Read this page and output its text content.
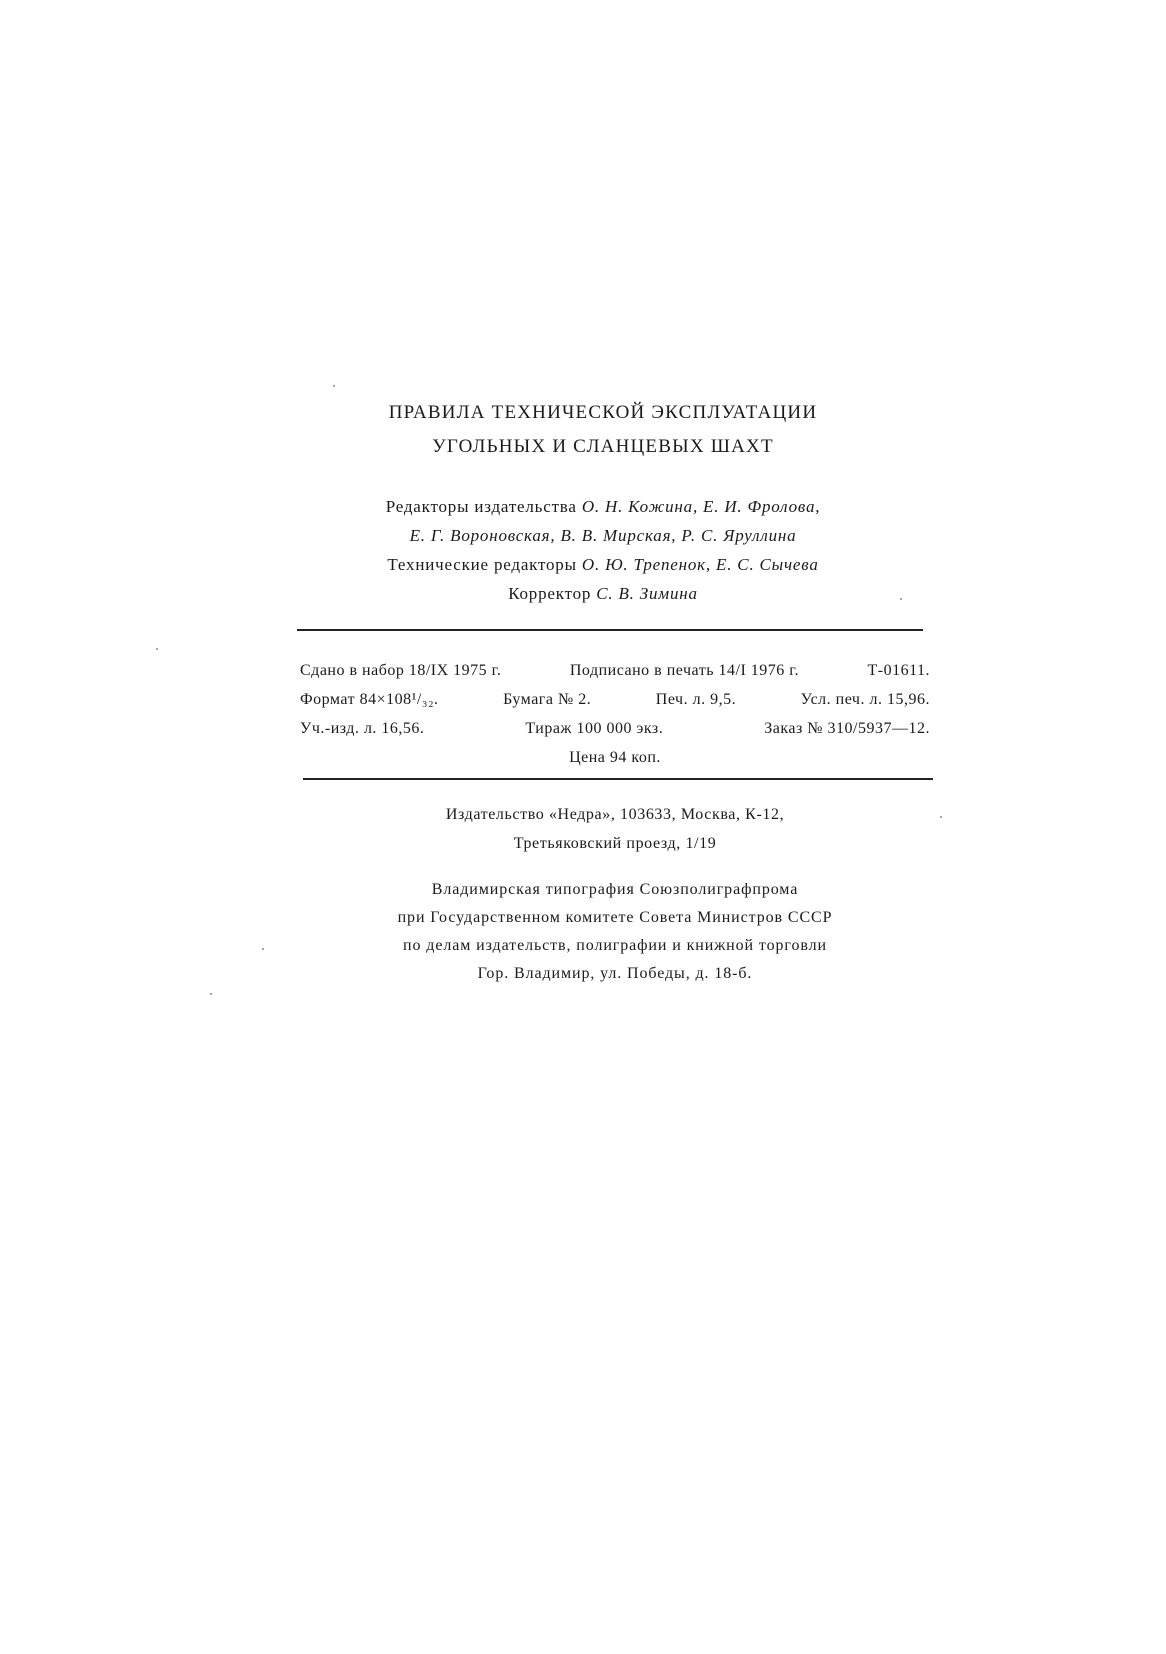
ПРАВИЛА ТЕХНИЧЕСКОЙ ЭКСПЛУАТАЦИИ
УГОЛЬНЫХ И СЛАНЦЕВЫХ ШАХТ
Редакторы издательства О. Н. Кожина, Е. И. Фролова,
Е. Г. Вороновская, В. В. Мирская, Р. С. Яруллина
Технические редакторы О. Ю. Трепенок, Е. С. Сычева
Корректор С. В. Зимина
Сдано в набор 18/IX 1975 г.	Подписано в печать 14/I 1976 г.	Т-01611.
Формат 84×108¹/₃₂.	Бумага № 2.	Печ. л. 9,5.	Усл. печ. л. 15,96.
Уч.-изд. л. 16,56.	Тираж 100 000 экз.	Заказ № 310/5937—12.
Цена 94 коп.
Издательство «Недра», 103633, Москва, К-12,
Третьяковский проезд, 1/19
Владимирская типография Союзполиграфпрома
при Государственном комитете Совета Министров СССР
по делам издательств, полиграфии и книжной торговли
Гор. Владимир, ул. Победы, д. 18-б.
